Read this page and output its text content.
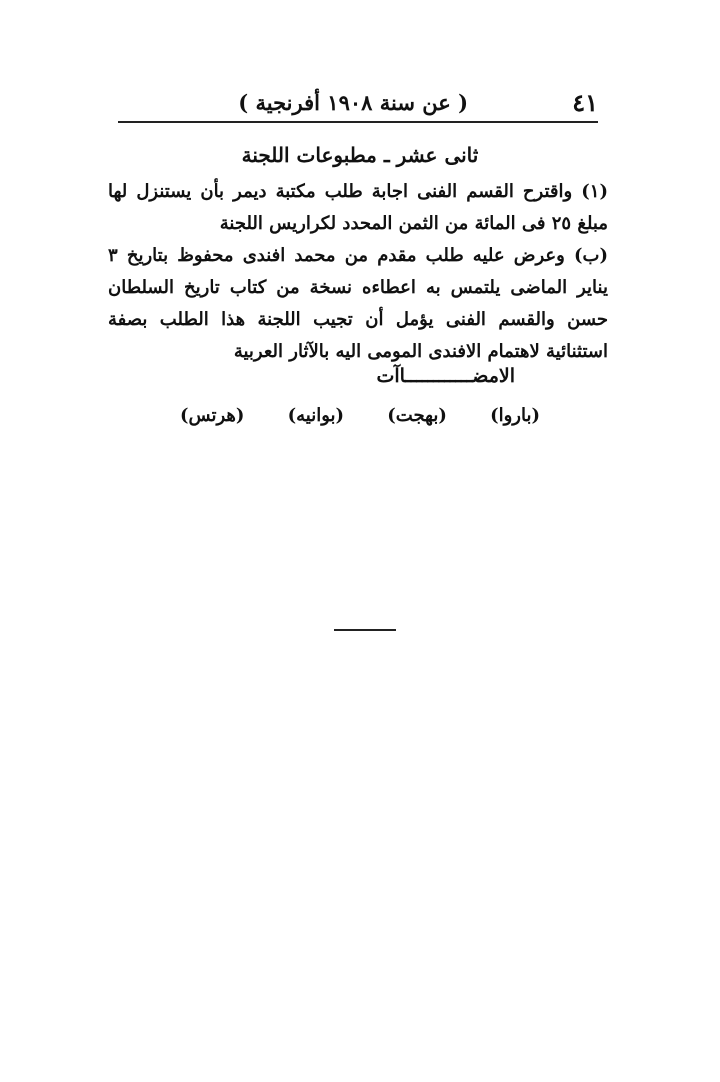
٤١
( عن سنة ١٩٠٨ أفرنجية )
ثانى عشر ـ مطبوعات اللجنة

(١) واقترح القسم الفنى اجابة طلب مكتبة ديمر بأن يستنزل لها مبلغ ٢٥ فى المائة من الثمن المحدد لكراريس اللجنة

(ب) وعرض عليه طلب مقدم من محمد افندى محفوظ بتاريخ ٣ يناير الماضى يلتمس به اعطاءه نسخة من كتاب تاريخ السلطان حسن والقسم الفنى يؤمل أن تجيب اللجنة هذا الطلب بصفة استثنائية لاهتمام الافندى المومى اليه بالآثار العربية

الامضــــــــــــاآت
(باروا)
(بهجت)
(بوانيه)
(هرتس)
